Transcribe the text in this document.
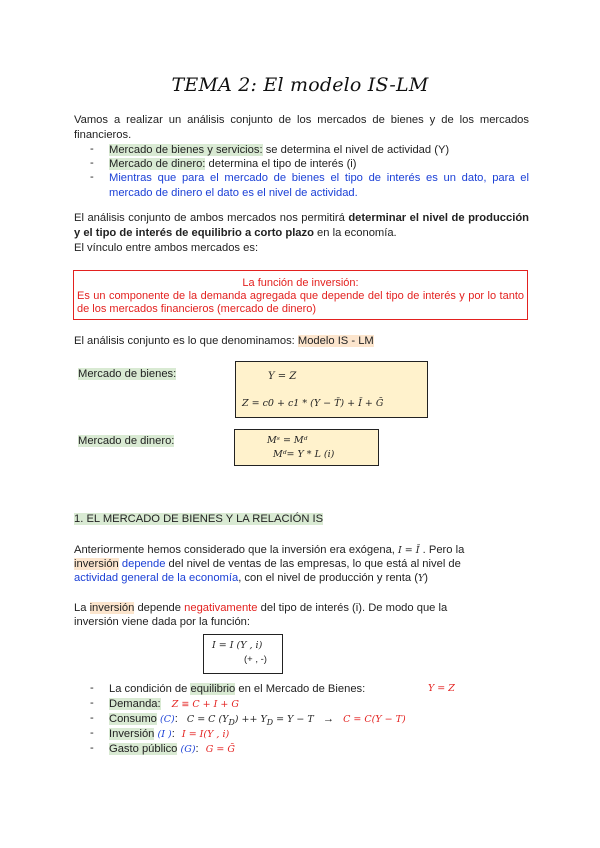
TEMA 2: El modelo IS-LM
Vamos a realizar un análisis conjunto de los mercados de bienes y de los mercados financieros.
- Mercado de bienes y servicios: se determina el nivel de actividad (Y)
- Mercado de dinero: determina el tipo de interés (i)
- Mientras que para el mercado de bienes el tipo de interés es un dato, para el mercado de dinero el dato es el nivel de actividad.
El análisis conjunto de ambos mercados nos permitirá determinar el nivel de producción y el tipo de interés de equilibrio a corto plazo en la economía.
El vínculo entre ambos mercados es:
La función de inversión:
Es un componente de la demanda agregada que depende del tipo de interés y por lo tanto de los mercados financieros (mercado de dinero)
El análisis conjunto es lo que denominamos: Modelo IS - LM
Mercado de bienes:	Y = Z
Z = c0 + c1 * (Y − T̄) + Ī + Ḡ
Mercado de dinero:	Mˢ = Mᵈ
Mᵈ= Y * L (i)
1. EL MERCADO DE BIENES Y LA RELACIÓN IS
Anteriormente hemos considerado que la inversión era exógena, I = Ī . Pero la
inversión depende del nivel de ventas de las empresas, lo que está al nivel de
actividad general de la economía, con el nivel de producción y renta (Y)
La inversión depende negativamente del tipo de interés (i). De modo que la
inversión viene dada por la función:
I = I (Y , i)
(+ , -)
- La condición de equilibrio en el Mercado de Bienes:	Y = Z
- Demanda: Z ≡ C + I + G
- Consumo (C): C = C $(Y_D) ++ Y_D = Y - T \to C = C(Y - T)$
- Inversión (I ): I = I(Y , i)
- Gasto público (G): G = Ḡ
